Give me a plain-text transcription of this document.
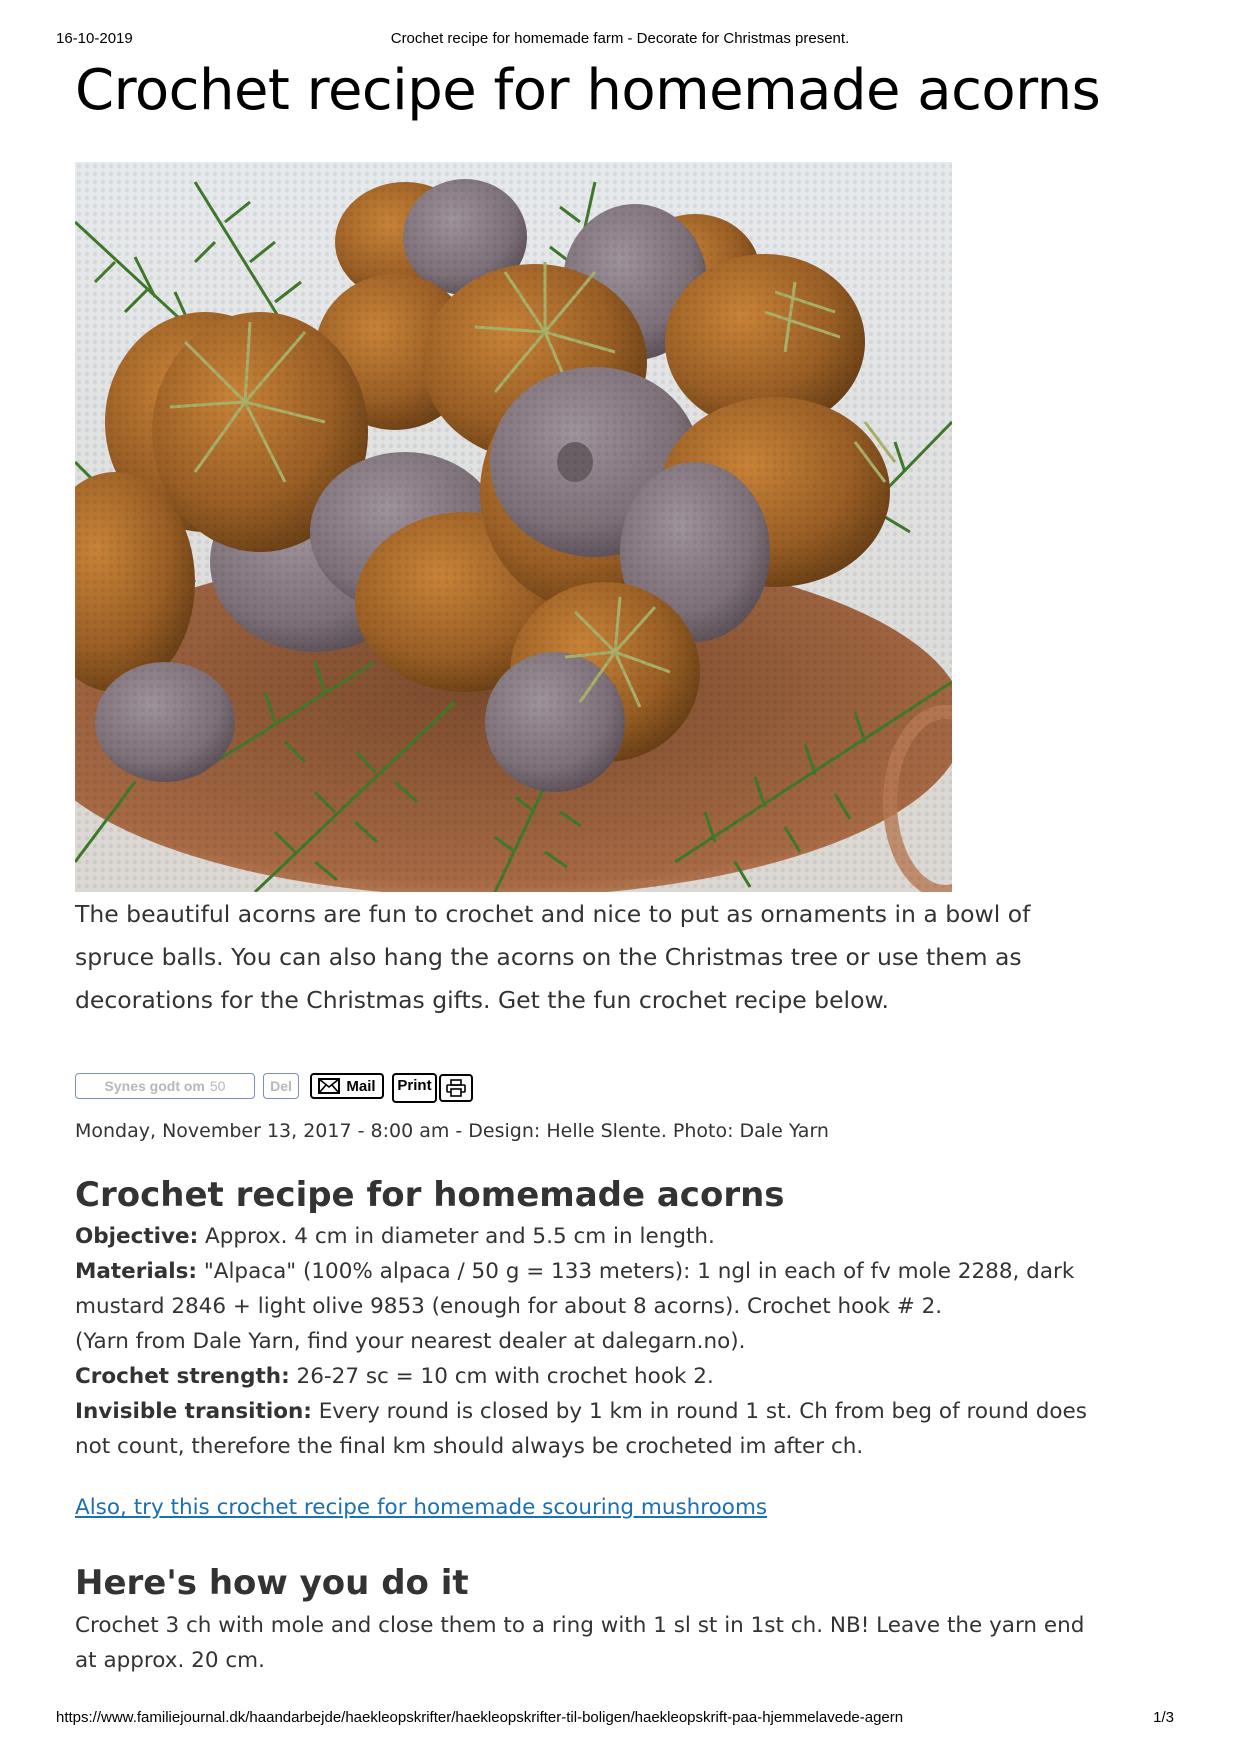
16-10-2019	Crochet recipe for homemade farm - Decorate for Christmas present.
Crochet recipe for homemade acorns

The beautiful acorns are fun to crochet and nice to put as ornaments in a bowl of spruce balls. You can also hang the acorns on the Christmas tree or use them as decorations for the Christmas gifts. Get the fun crochet recipe below.

Synes godt om 50	Del	Mail	Print

Monday, November 13, 2017 - 8:00 am - Design: Helle Slente. Photo: Dale Yarn

Crochet recipe for homemade acorns

Objective: Approx. 4 cm in diameter and 5.5 cm in length.

Materials: "Alpaca" (100% alpaca / 50 g = 133 meters): 1 ngl in each of fv mole 2288, dark mustard 2846 + light olive 9853 (enough for about 8 acorns). Crochet hook # 2.

(Yarn from Dale Yarn, find your nearest dealer at dalegarn.no).

Crochet strength: 26-27 sc = 10 cm with crochet hook 2.

Invisible transition: Every round is closed by 1 km in round 1 st. Ch from beg of round does not count, therefore the final km should always be crocheted im after ch.

Also, try this crochet recipe for homemade scouring mushrooms
Here's how you do it

Crochet 3 ch with mole and close them to a ring with 1 sl st in 1st ch. NB! Leave the yarn end at approx. 20 cm.

https://www.familiejournal.dk/haandarbejde/haekleopskrifter/haekleopskrifter-til-boligen/haekleopskrift-paa-hjemmelavede-agern	1/3
